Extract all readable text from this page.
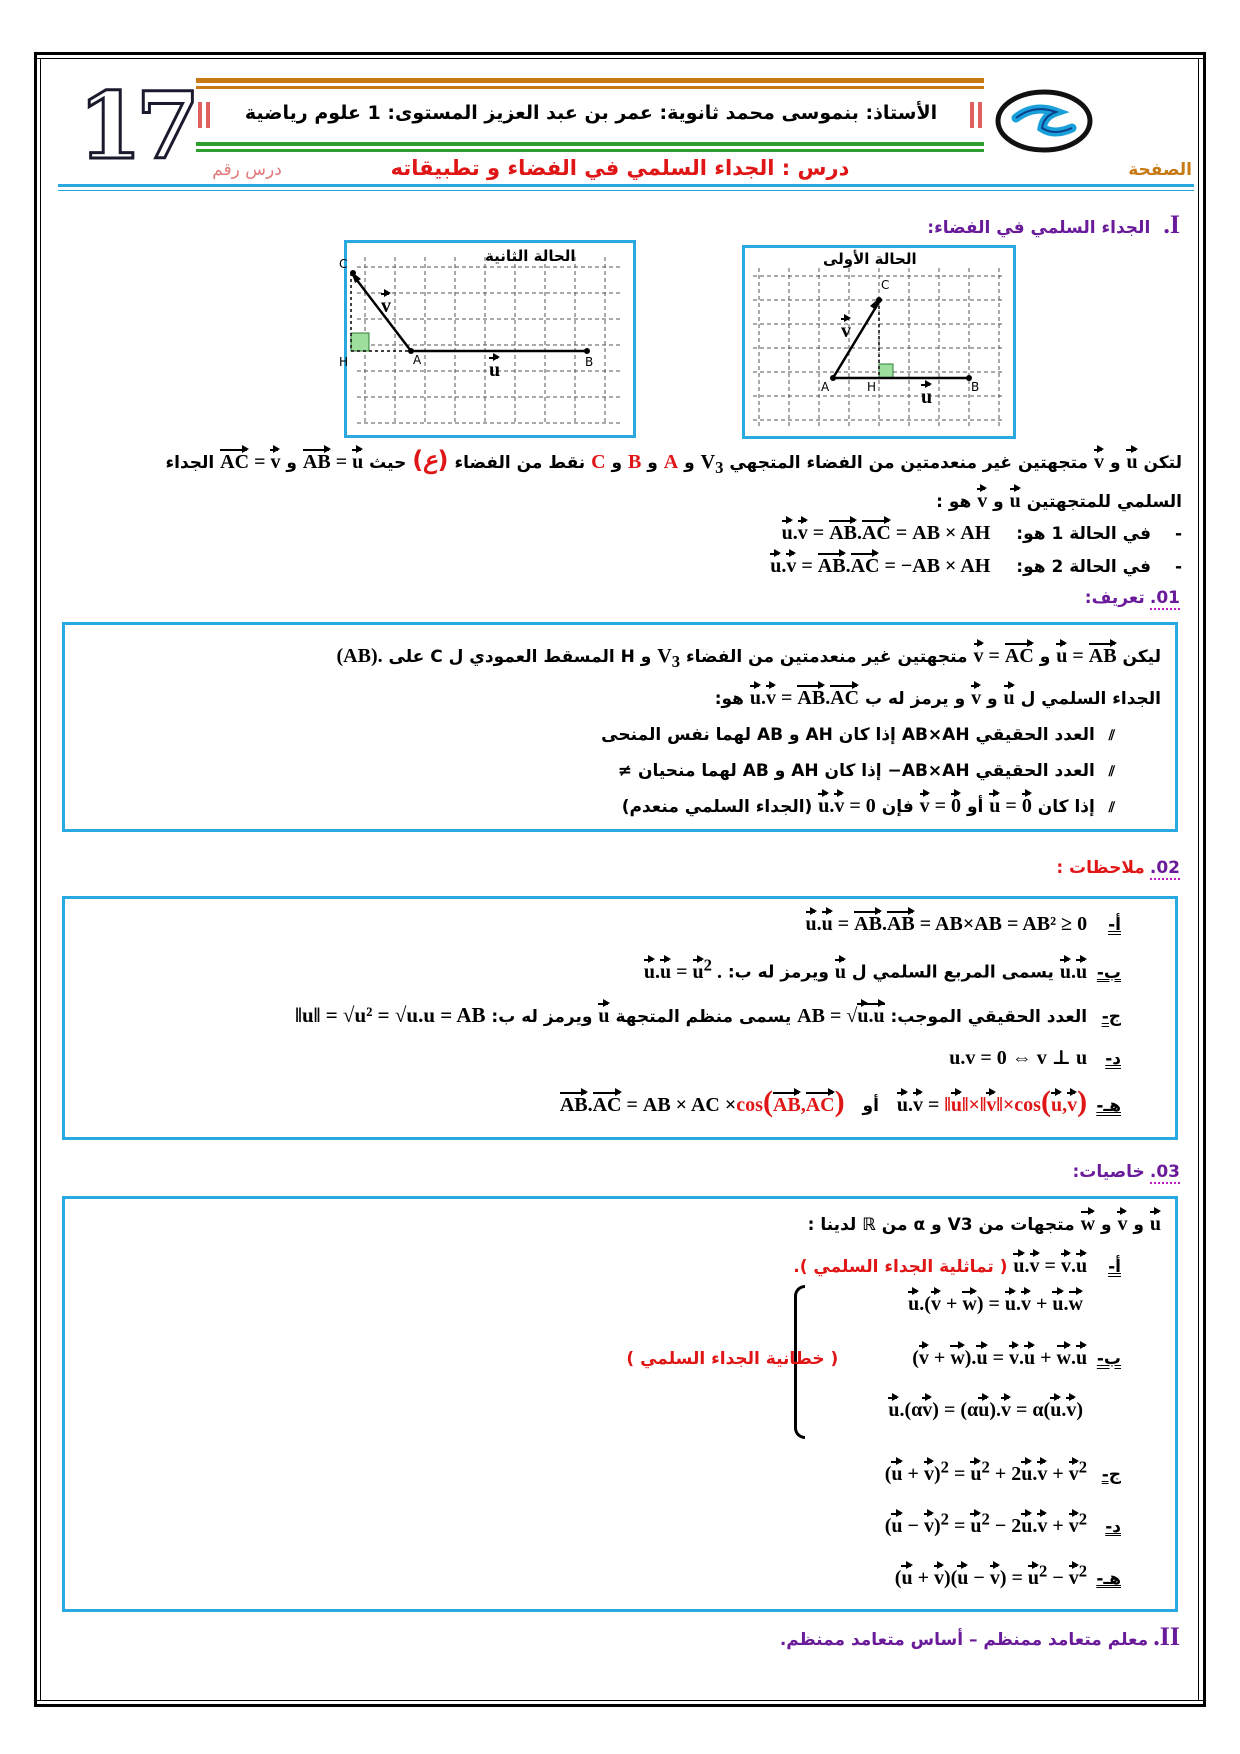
17	الأستاذ: بنموسى محمد ثانوية: عمر بن عبد العزيز المستوى: 1 علوم رياضية
الصفحة
درس : الجداء السلمي في الفضاء و تطبيقاته
درس رقم
I. الجداء السلمي في الفضاء:
الحالة الأولى
C
A	H	B
v
u
الحالة الثانية
C
H	A	B
v
u
لتكن u و v متجهتين غير منعدمتين من الفضاء المتجهي $V_3$ و A و B و C نقط من الفضاء (ع) حيث AB = u و AC = v الجداء
السلمي للمتجهتين u و v هو :
- في الحالة 1 هو: u.v = AB.AC = AB × AH
- في الحالة 2 هو: u.v = AB.AC = −AB × AH
01. تعريف:
ليكن u = AB و v = AC متجهتين غير منعدمتين من الفضاء $V_3$ و H المسقط العمودي ل C على (AB).
الجداء السلمي ل u و v و يرمز له ب u.v = AB.AC هو:
⫽ العدد الحقيقي AB×AH إذا كان AH و AB لهما نفس المنحى
⫽ العدد الحقيقي AB×AH− إذا كان AH و AB لهما منحيان ≠
⫽ إذا كان u = 0 أو v = 0 فإن u.v = 0 (الجداء السلمي منعدم)
02. ملاحظات :
أ- u.u = AB.AB = AB×AB = AB² ≥ 0
ب- u.u يسمى المربع السلمي ل u ويرمز له ب: $u.u = u^2$ .
ج- العدد الحقيقي الموجب: AB = √u.u يسمى منظم المتجهة u ويرمز له ب: ‖u‖ = √u² = √u.u = AB
د- u.v = 0 ⇔ v ⊥ u
هـ- u.v = ‖u‖×‖v‖×cos(u,v) أو AB.AC = AB × AC ×cos(AB,AC)
03. خاصيات:
u و v و w متجهات من V3 و α من ℝ لدينا :
أ- u.v = v.u ( تماثلية الجداء السلمي ).
u.(v + w) = u.v + u.w
ب- (v + w).u = v.u + w.u ( خطانية الجداء السلمي )
u.(αv) = (αu).v = α(u.v)
ج- $(u + v)^2 = u^2 + 2u.v + v^2$
د- $(u - v)^2 = u^2 - 2u.v + v^2$
هـ- $(u + v)(u - v) = u^2 - v^2$
II. معلم متعامد ممنظم – أساس متعامد ممنظم.
